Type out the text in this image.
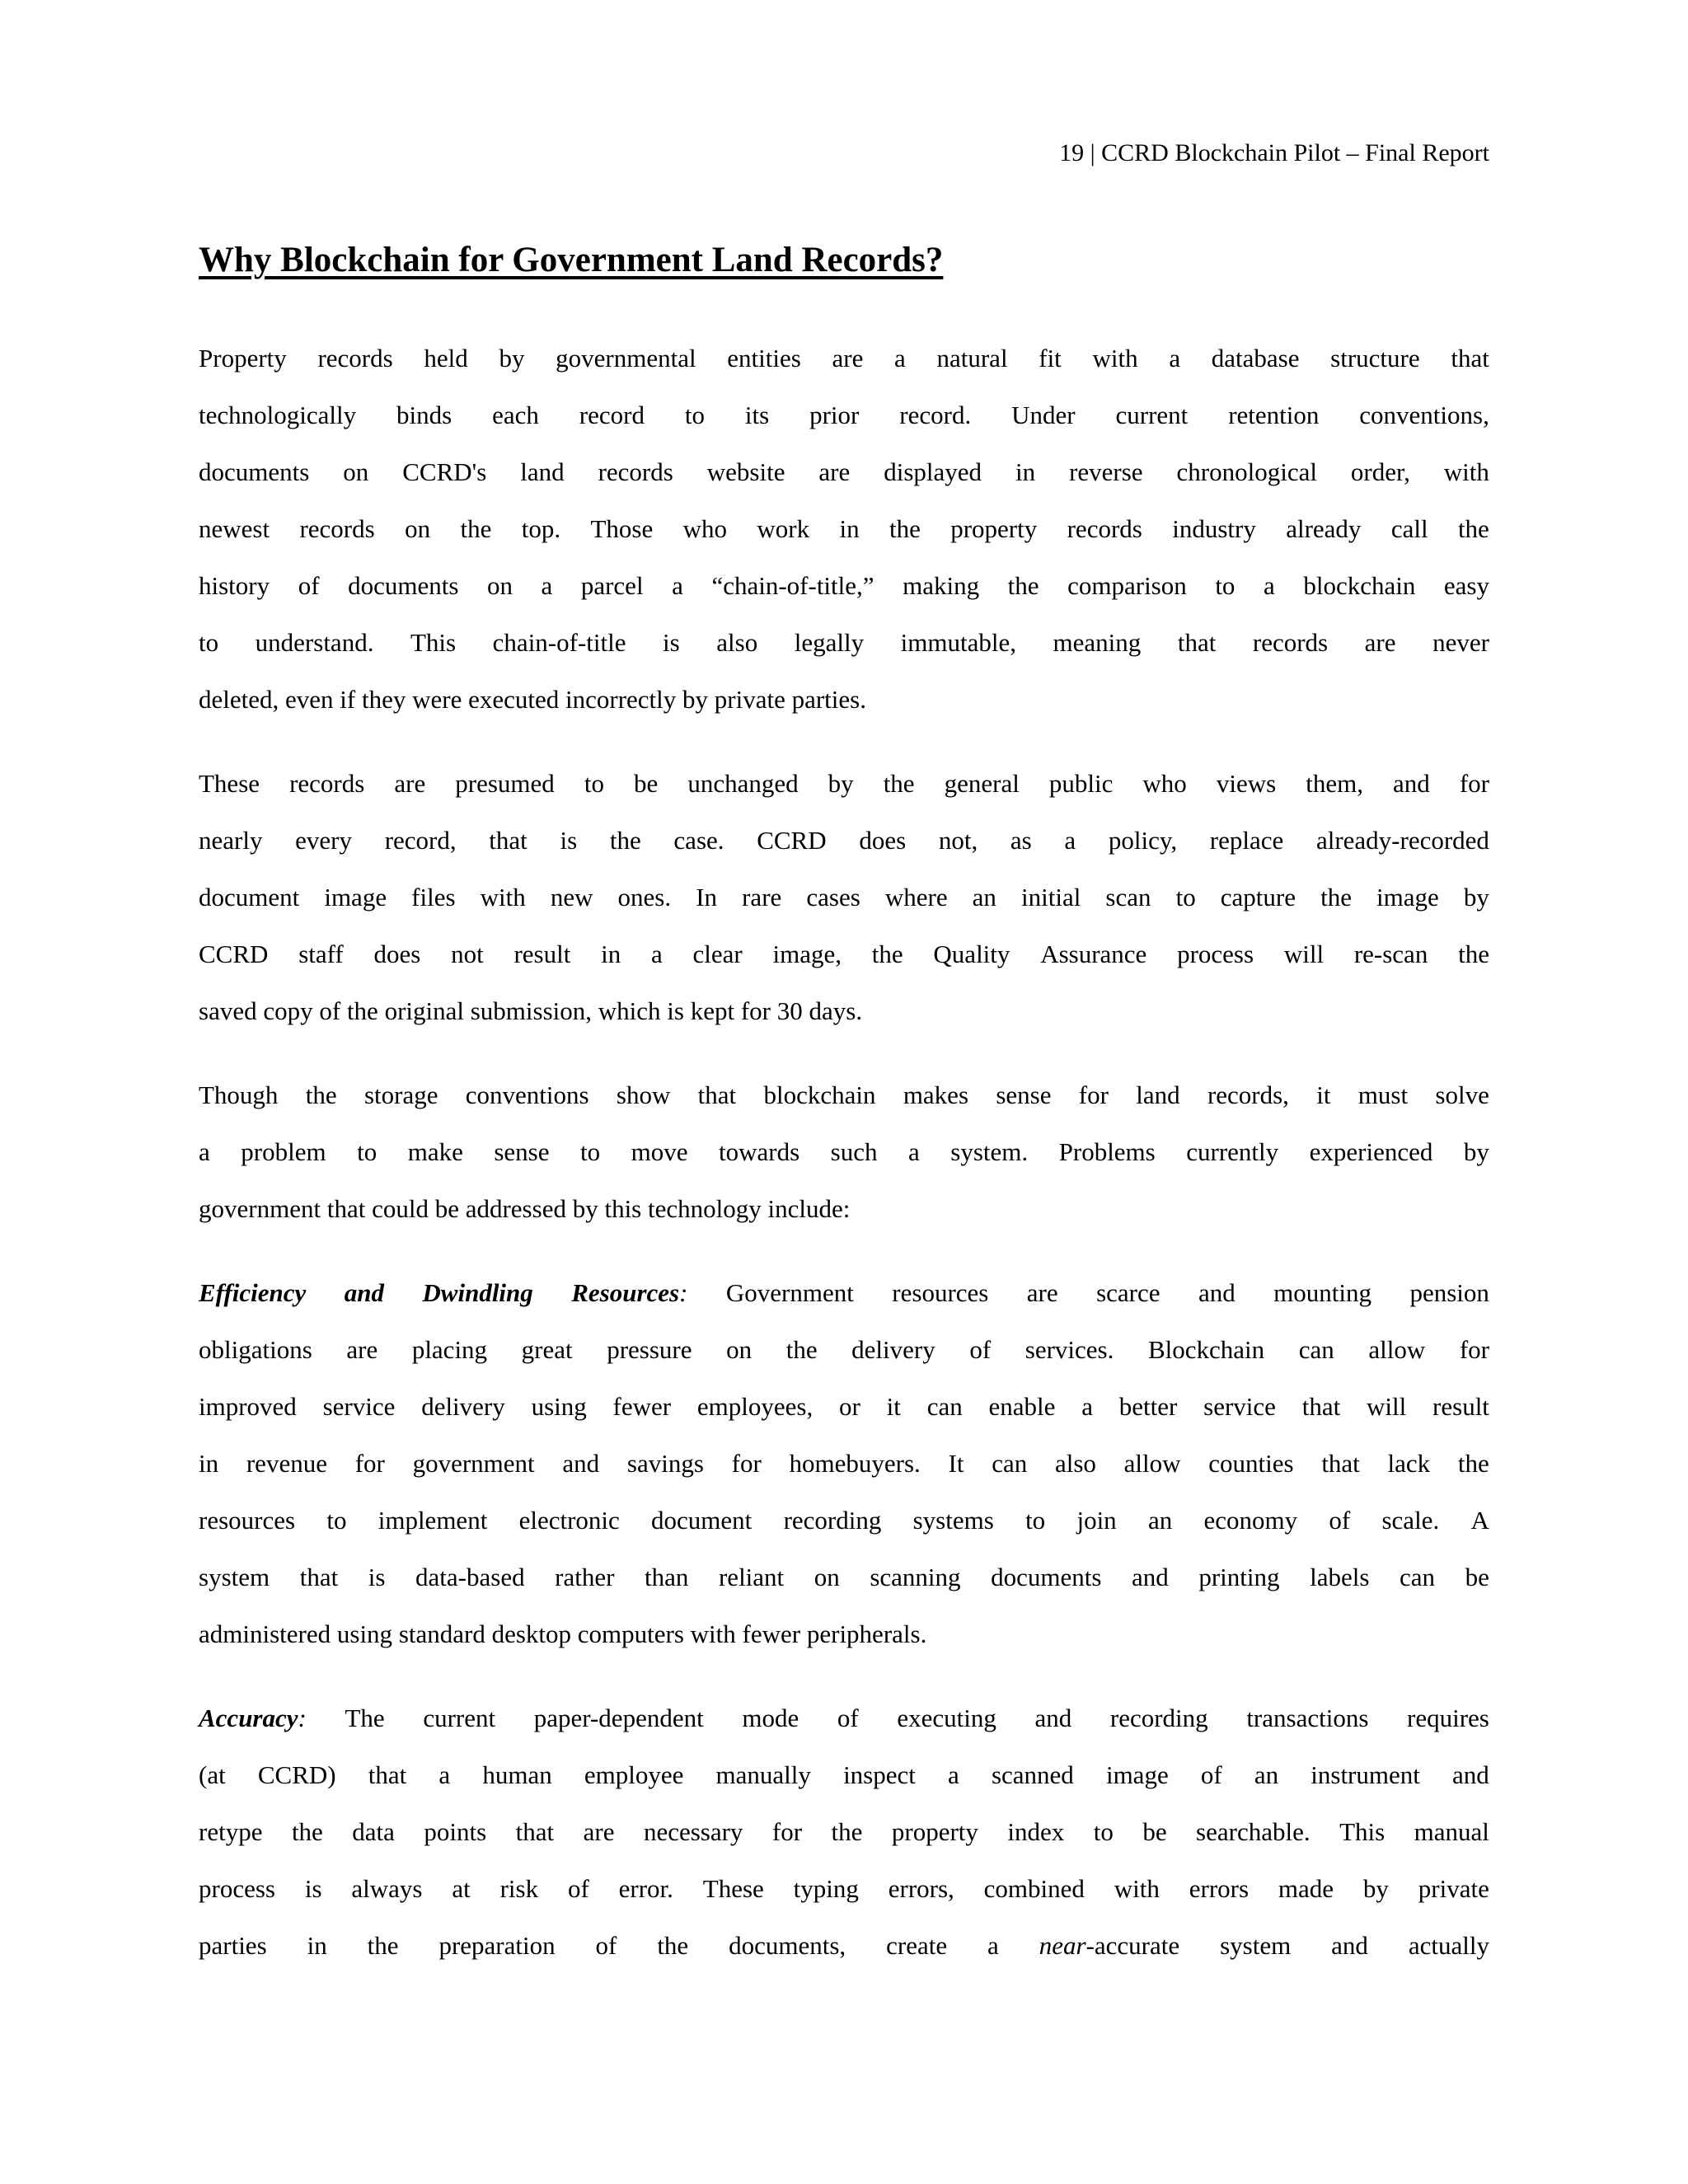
19 | CCRD Blockchain Pilot – Final Report
Why Blockchain for Government Land Records?

Property records held by governmental entities are a natural fit with a database structure that
technologically binds each record to its prior record. Under current retention conventions,
documents on CCRD's land records website are displayed in reverse chronological order, with
newest records on the top. Those who work in the property records industry already call the
history of documents on a parcel a “chain-of-title,” making the comparison to a blockchain easy
to understand. This chain-of-title is also legally immutable, meaning that records are never
deleted, even if they were executed incorrectly by private parties.

These records are presumed to be unchanged by the general public who views them, and for
nearly every record, that is the case. CCRD does not, as a policy, replace already-recorded
document image files with new ones. In rare cases where an initial scan to capture the image by
CCRD staff does not result in a clear image, the Quality Assurance process will re-scan the
saved copy of the original submission, which is kept for 30 days.

Though the storage conventions show that blockchain makes sense for land records, it must solve
a problem to make sense to move towards such a system. Problems currently experienced by
government that could be addressed by this technology include:

Efficiency and Dwindling Resources: Government resources are scarce and mounting pension
obligations are placing great pressure on the delivery of services. Blockchain can allow for
improved service delivery using fewer employees, or it can enable a better service that will result
in revenue for government and savings for homebuyers. It can also allow counties that lack the
resources to implement electronic document recording systems to join an economy of scale. A
system that is data-based rather than reliant on scanning documents and printing labels can be
administered using standard desktop computers with fewer peripherals.

Accuracy: The current paper-dependent mode of executing and recording transactions requires
(at CCRD) that a human employee manually inspect a scanned image of an instrument and
retype the data points that are necessary for the property index to be searchable. This manual
process is always at risk of error. These typing errors, combined with errors made by private
parties in the preparation of the documents, create a near-accurate system and actually
